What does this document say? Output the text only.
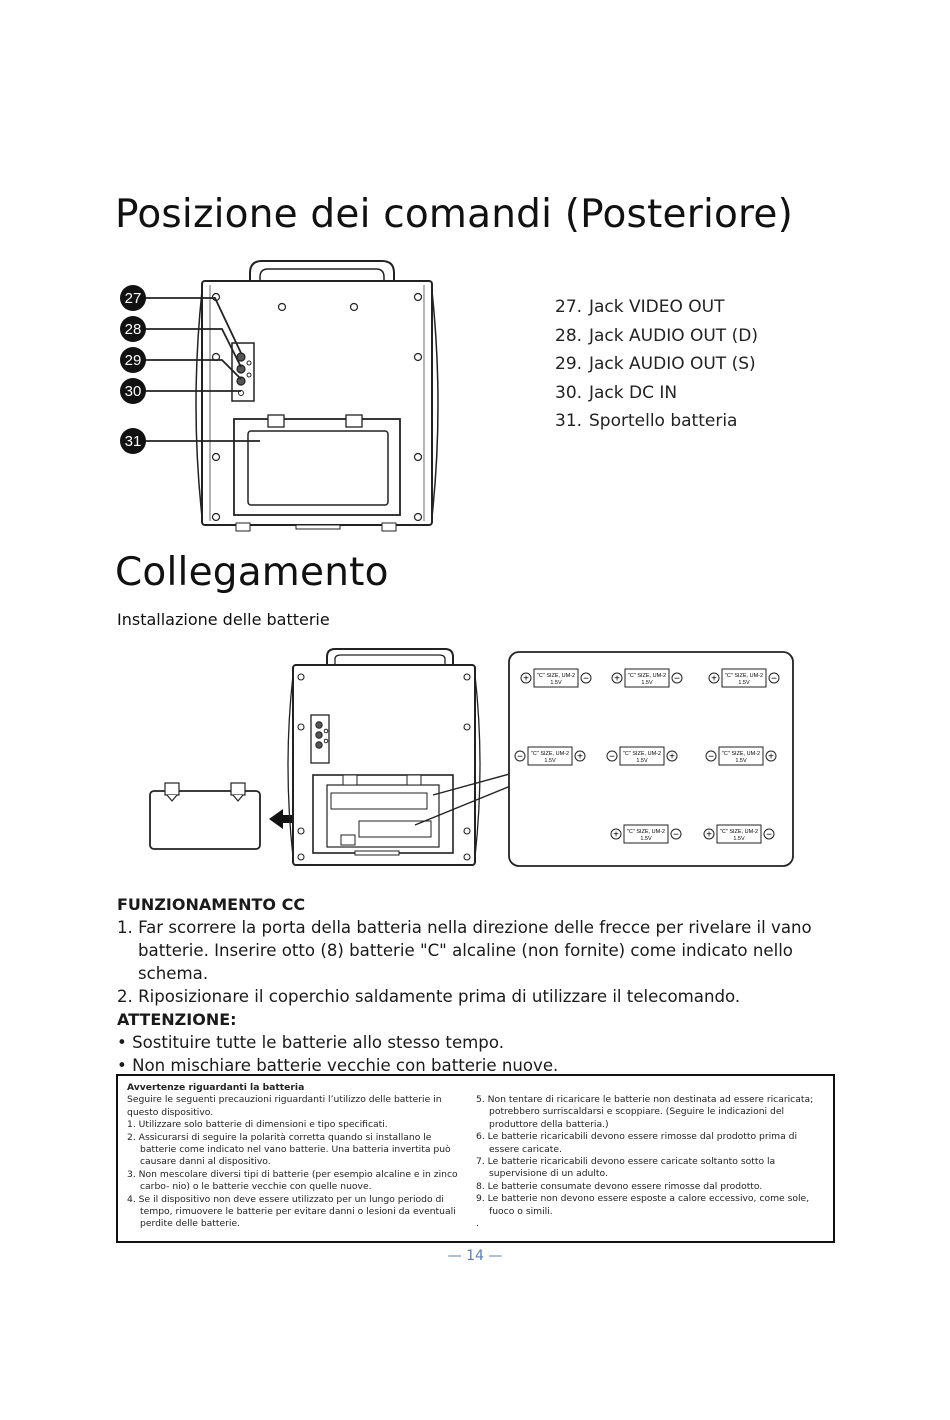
Posizione dei comandi (Posteriore)
Collegamento
Installazione delle batterie
27
28
29
30
31
27. Jack VIDEO OUT
28. Jack AUDIO OUT (D)
29. Jack AUDIO OUT (S)
30. Jack DC IN
31. Sportello batteria
+ "C" SIZE, UM-2
1.5V −	+ "C" SIZE, UM-2
1.5V −	+ "C" SIZE, UM-2
1.5V −
− "C" SIZE, UM-2
1.5V +	− "C" SIZE, UM-2
1.5V +	− "C" SIZE, UM-2
1.5V +
+ "C" SIZE, UM-2
1.5V −	+ "C" SIZE, UM-2
1.5V −
FUNZIONAMENTO CC
1. Far scorrere la porta della batteria nella direzione delle frecce per rivelare il vano batterie. Inserire otto (8) batterie "C" alcaline (non fornite) come indicato nello schema.
2. Riposizionare il coperchio saldamente prima di utilizzare il telecomando.
ATTENZIONE:
• Sostituire tutte le batterie allo stesso tempo.
• Non mischiare batterie vecchie con batterie nuove.
Avvertenze riguardanti la batteria
Seguire le seguenti precauzioni riguardanti l’utilizzo delle batterie in questo dispositivo.
1. Utilizzare solo batterie di dimensioni e tipo specificati.
2. Assicurarsi di seguire la polarità corretta quando si installano le batterie come indicato nel vano batterie. Una batteria invertita può causare danni al dispositivo.
3. Non mescolare diversi tipi di batterie (per esempio alcaline e in zinco carbo- nio) o le batterie vecchie con quelle nuove.
4. Se il dispositivo non deve essere utilizzato per un lungo periodo di tempo, rimuovere le batterie per evitare danni o lesioni da eventuali perdite delle batterie.
5. Non tentare di ricaricare le batterie non destinata ad essere ricaricata; potrebbero surriscaldarsi e scoppiare. (Seguire le indicazioni del produttore della batteria.)
6. Le batterie ricaricabili devono essere rimosse dal prodotto prima di essere caricate.
7. Le batterie ricaricabili devono essere caricate soltanto sotto la supervisione di un adulto.
8. Le batterie consumate devono essere rimosse dal prodotto.
9. Le batterie non devono essere esposte a calore eccessivo, come sole, fuoco o simili.
.
— 14 —
